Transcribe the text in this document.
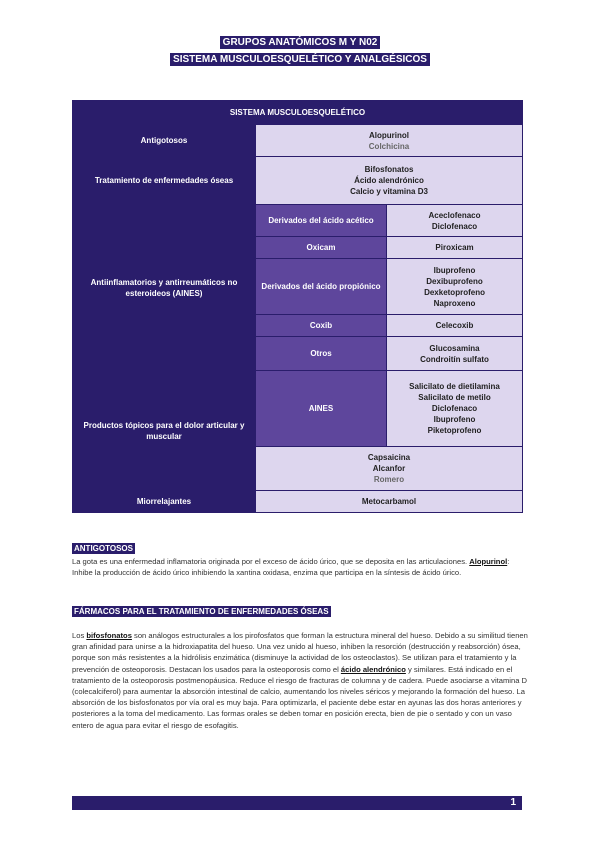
GRUPOS ANATÓMICOS M Y N02
SISTEMA MUSCULOESQUELÉTICO Y ANALGÉSICOS
SISTEMA MUSCULOESQUELÉTICO		
Antigotosos	Alopurinol
Colchicina	

Tratamiento de enfermedades óseas	Bifosfonatos
Ácido alendrónico
Calcio y vitamina D3	

Antiinflamatorios y antirreumáticos no esteroideos (AINES)	Derivados del ácido acético	Aceclofenaco
Diclofenaco

	Oxicam	Piroxicam

	Derivados del ácido propiónico	Ibuprofeno
Dexibuprofeno
Dexketoprofeno
Naproxeno

	Coxib	Celecoxib

	Otros	Glucosamina
Condroitín sulfato

Productos tópicos para el dolor articular y muscular	AINES	Salicilato de dietilamina
Salicilato de metilo
Diclofenaco
Ibuprofeno
Piketoprofeno

	Capsaicina
Alcanfor
Romero	

Miorrelajantes	Metocarbamol	
ANTIGOTOSOS
La gota es una enfermedad inflamatoria originada por el exceso de ácido úrico, que se deposita en las articulaciones. Alopurinol: Inhibe la producción de ácido úrico inhibiendo la xantina oxidasa, enzima que participa en la síntesis de ácido úrico.
FÁRMACOS PARA EL TRATAMIENTO DE ENFERMEDADES ÓSEAS
Los bifosfonatos son análogos estructurales a los pirofosfatos que forman la estructura mineral del hueso. Debido a su similitud tienen gran afinidad para unirse a la hidroxiapatita del hueso. Una vez unido al hueso, inhiben la resorción (destrucción y reabsorción) ósea, porque son más resistentes a la hidrólisis enzimática (disminuye la actividad de los osteoclastos). Se utilizan para el tratamiento y la prevención de osteoporosis. Destacan los usados para la osteoporosis como el ácido alendrónico y similares. Está indicado en el tratamiento de la osteoporosis postmenopáusica. Reduce el riesgo de fracturas de columna y de cadera. Puede asociarse a vitamina D (colecalciferol) para aumentar la absorción intestinal de calcio, aumentando los niveles séricos y mejorando la formación del hueso. La absorción de los bisfosfonatos por vía oral es muy baja. Para optimizarla, el paciente debe estar en ayunas las dos horas anteriores y posteriores a la toma del medicamento. Las formas orales se deben tomar en posición erecta, bien de pie o sentado y con un vaso entero de agua para evitar el riesgo de esofagitis.
1
